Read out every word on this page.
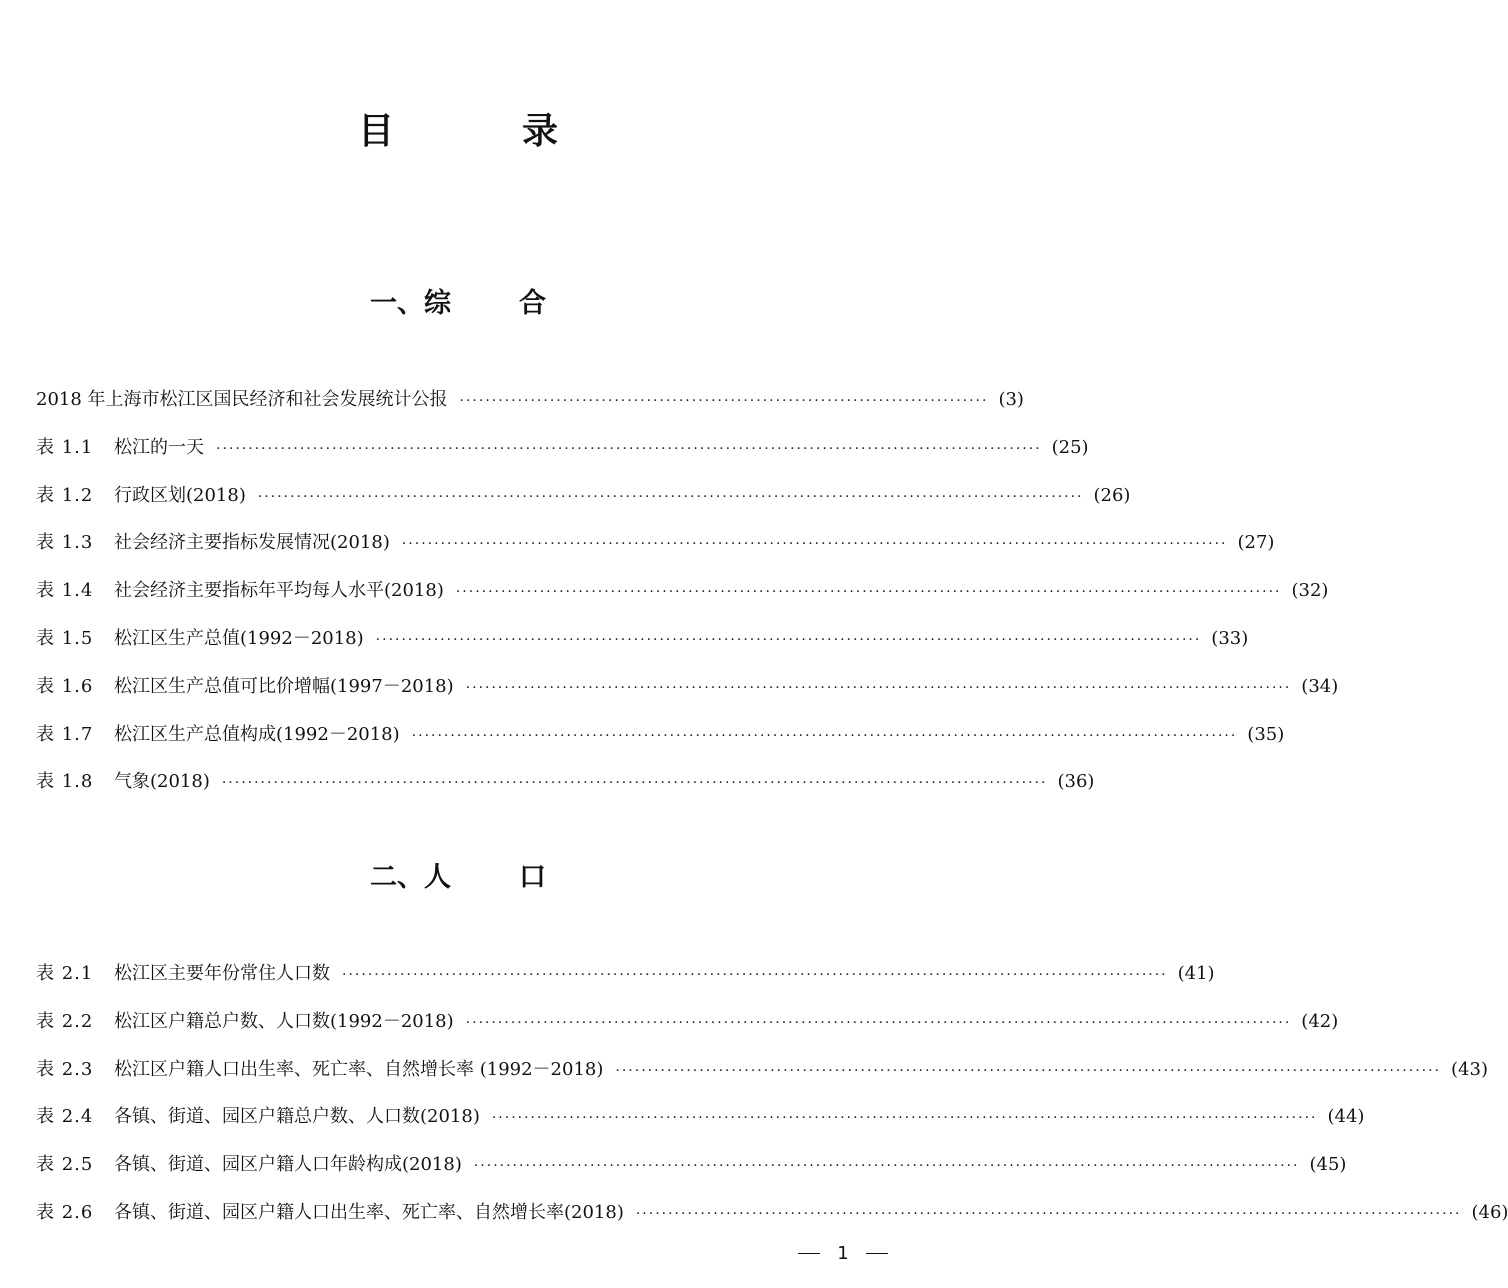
目录
一、综	合
2018 年上海市松江区国民经济和社会发展统计公报 ·················································································· (3)
表 1.1	松江的一天 ································································································································ (25)
表 1.2	行政区划(2018) ································································································································ (26)
表 1.3	社会经济主要指标发展情况(2018) ································································································································ (27)
表 1.4	社会经济主要指标年平均每人水平(2018) ································································································································ (32)
表 1.5	松江区生产总值(1992－2018) ································································································································ (33)
表 1.6	松江区生产总值可比价增幅(1997－2018) ································································································································ (34)
表 1.7	松江区生产总值构成(1992－2018) ································································································································ (35)
表 1.8	气象(2018) ································································································································ (36)
二、人	口
表 2.1	松江区主要年份常住人口数 ································································································································ (41)
表 2.2	松江区户籍总户数、人口数(1992－2018) ································································································································ (42)
表 2.3	松江区户籍人口出生率、死亡率、自然增长率 (1992－2018) ································································································································ (43)
表 2.4	各镇、街道、园区户籍总户数、人口数(2018) ································································································································ (44)
表 2.5	各镇、街道、园区户籍人口年龄构成(2018) ································································································································ (45)
表 2.6	各镇、街道、园区户籍人口出生率、死亡率、自然增长率(2018) ································································································································ (46)
1
